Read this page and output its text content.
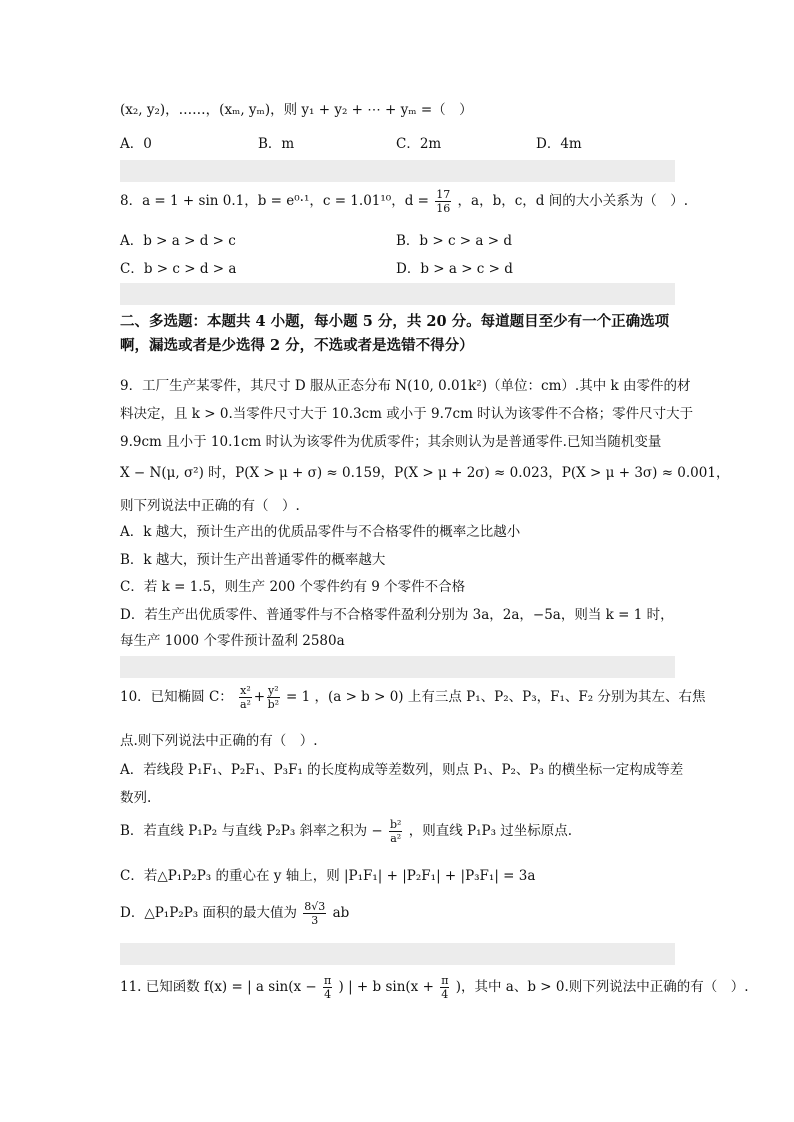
(x₂, y₂)，……，(xₘ, yₘ)，则 y₁ + y₂ + ⋯ + yₘ =（　）
A．0	B．m	C．2m	D．4m
8．a = 1 + sin 0.1，b = e⁰·¹，c = 1.01¹⁰，$d = \frac{17}{16}$ ，a，b，c，d 间的大小关系为（　）.
A．b > a > d > c	B．b > c > a > d
C．b > c > d > a	D．b > a > c > d
二、多选题：本题共 4 小题，每小题 5 分，共 20 分。每道题目至少有一个正确选项啊，漏选或者是少选得 2 分，不选或者是选错不得分）
9．工厂生产某零件，其尺寸 D 服从正态分布 N(10, 0.01k²)（单位：cm）.其中 k 由零件的材
料决定，且 k > 0.当零件尺寸大于 10.3cm 或小于 9.7cm 时认为该零件不合格；零件尺寸大于
9.9cm 且小于 10.1cm 时认为该零件为优质零件；其余则认为是普通零件.已知当随机变量
X − N(μ, σ²) 时，P(X > μ + σ) ≈ 0.159，P(X > μ + 2σ) ≈ 0.023，P(X > μ + 3σ) ≈ 0.001，
则下列说法中正确的有（　）.
A．k 越大，预计生产出的优质品零件与不合格零件的概率之比越小
B．k 越大，预计生产出普通零件的概率越大
C．若 k = 1.5，则生产 200 个零件约有 9 个零件不合格
D．若生产出优质零件、普通零件与不合格零件盈利分别为 3a，2a，−5a，则当 k = 1 时，
每生产 1000 个零件预计盈利 2580a
10．已知椭圆 C： $\frac{\text{x²}}{\text{a²}} + \frac{\text{y²}}{\text{b²}} = 1$ ，(a > b > 0) 上有三点 P₁、P₂、P₃，F₁、F₂ 分别为其左、右焦
点.则下列说法中正确的有（　）.
A．若线段 P₁F₁、P₂F₁、P₃F₁ 的长度构成等差数列，则点 P₁、P₂、P₃ 的横坐标一定构成等差
数列.
B．若直线 P₁P₂ 与直线 P₂P₃ 斜率之积为 − $\frac{\text{b²}}{\text{a²}}$ ，则直线 P₁P₃ 过坐标原点.
C．若△P₁P₂P₃ 的重心在 y 轴上，则 |P₁F₁| + |P₂F₁| + |P₃F₁| = 3a
D．△P₁P₂P₃ 面积的最大值为 $\frac{8√3}{3}$ ab
11. 已知函数 f(x) = | a $\sin(x - \frac{\pi}{4}$ ) | + b $\sin(x + \frac{\pi}{4}$ )，其中 a、b > 0.则下列说法中正确的有（　）.
